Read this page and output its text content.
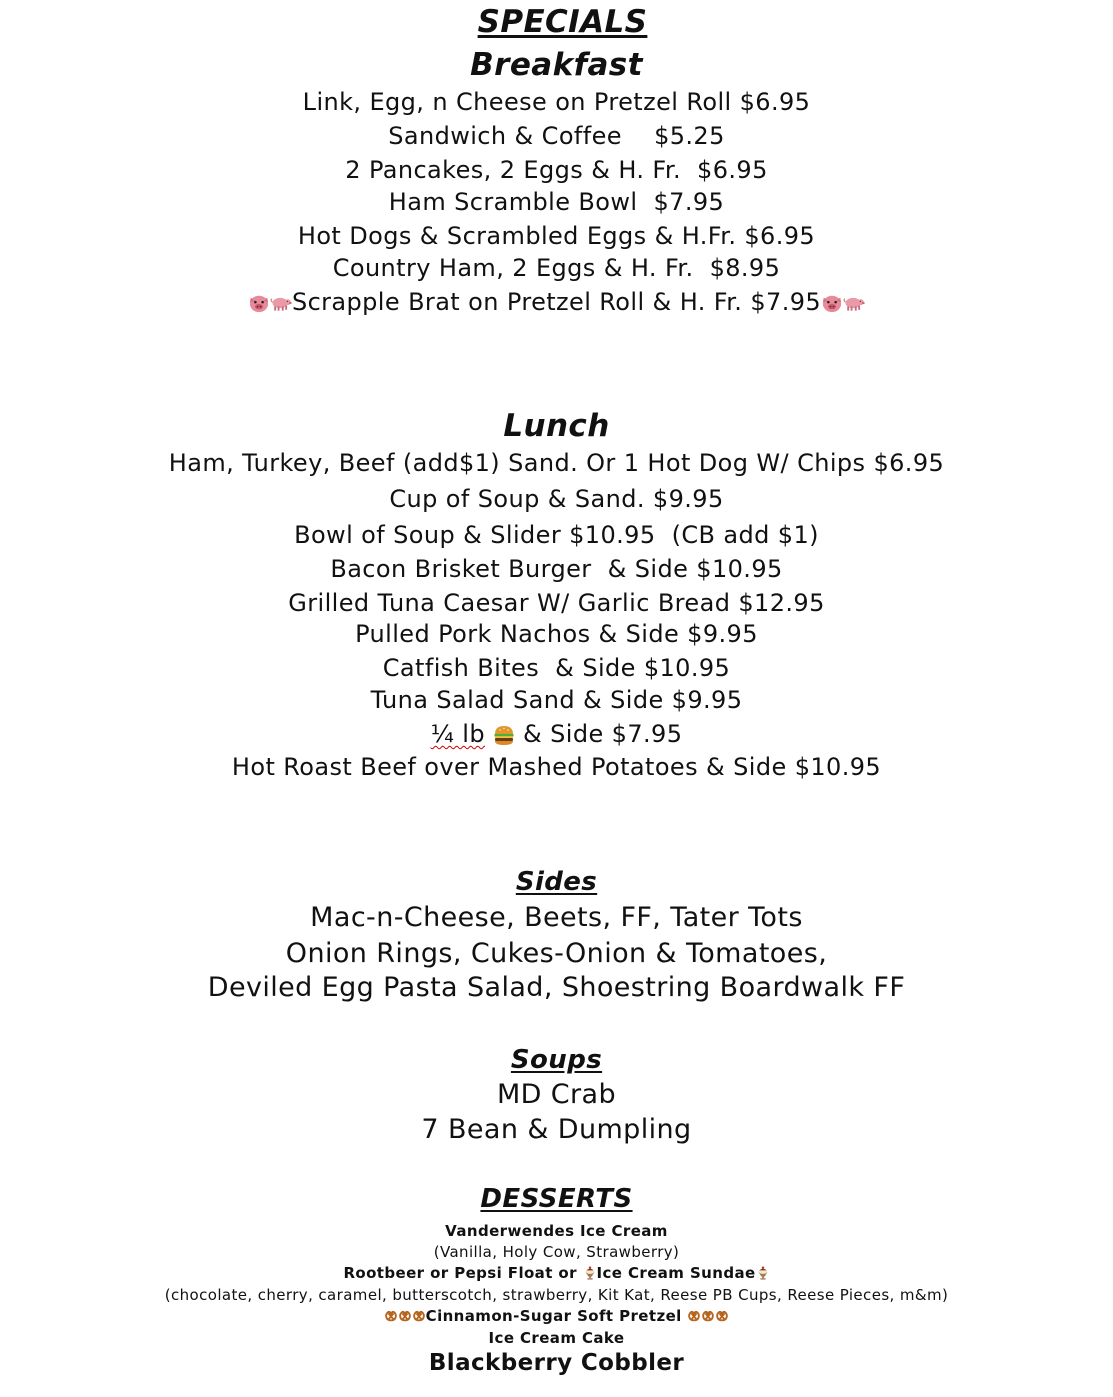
SPECIALS
Breakfast
Link, Egg, n Cheese on Pretzel Roll $6.95
Sandwich & Coffee    $5.25
2 Pancakes, 2 Eggs & H. Fr.  $6.95
Ham Scramble Bowl  $7.95
Hot Dogs & Scrambled Eggs & H.Fr. $6.95
Country Ham, 2 Eggs & H. Fr.  $8.95
Scrapple Brat on Pretzel Roll & H. Fr. $7.95
Lunch
Ham, Turkey, Beef (add$1) Sand. Or 1 Hot Dog W/ Chips $6.95
Cup of Soup & Sand. $9.95
Bowl of Soup & Slider $10.95  (CB add $1)
Bacon Brisket Burger  & Side $10.95
Grilled Tuna Caesar W/ Garlic Bread $12.95
Pulled Pork Nachos & Side $9.95
Catfish Bites  & Side $10.95
Tuna Salad Sand & Side $9.95
¼ lb & Side $7.95
Hot Roast Beef over Mashed Potatoes & Side $10.95
Sides
Mac-n-Cheese, Beets, FF, Tater Tots
Onion Rings, Cukes-Onion & Tomatoes,
Deviled Egg Pasta Salad, Shoestring Boardwalk FF
Soups
MD Crab
7 Bean & Dumpling
DESSERTS
Vanderwendes Ice Cream
(Vanilla, Holy Cow, Strawberry)
Rootbeer or Pepsi Float or Ice Cream Sundae
(chocolate, cherry, caramel, butterscotch, strawberry, Kit Kat, Reese PB Cups, Reese Pieces, m&m)
Cinnamon-Sugar Soft Pretzel
Ice Cream Cake
Blackberry Cobbler
